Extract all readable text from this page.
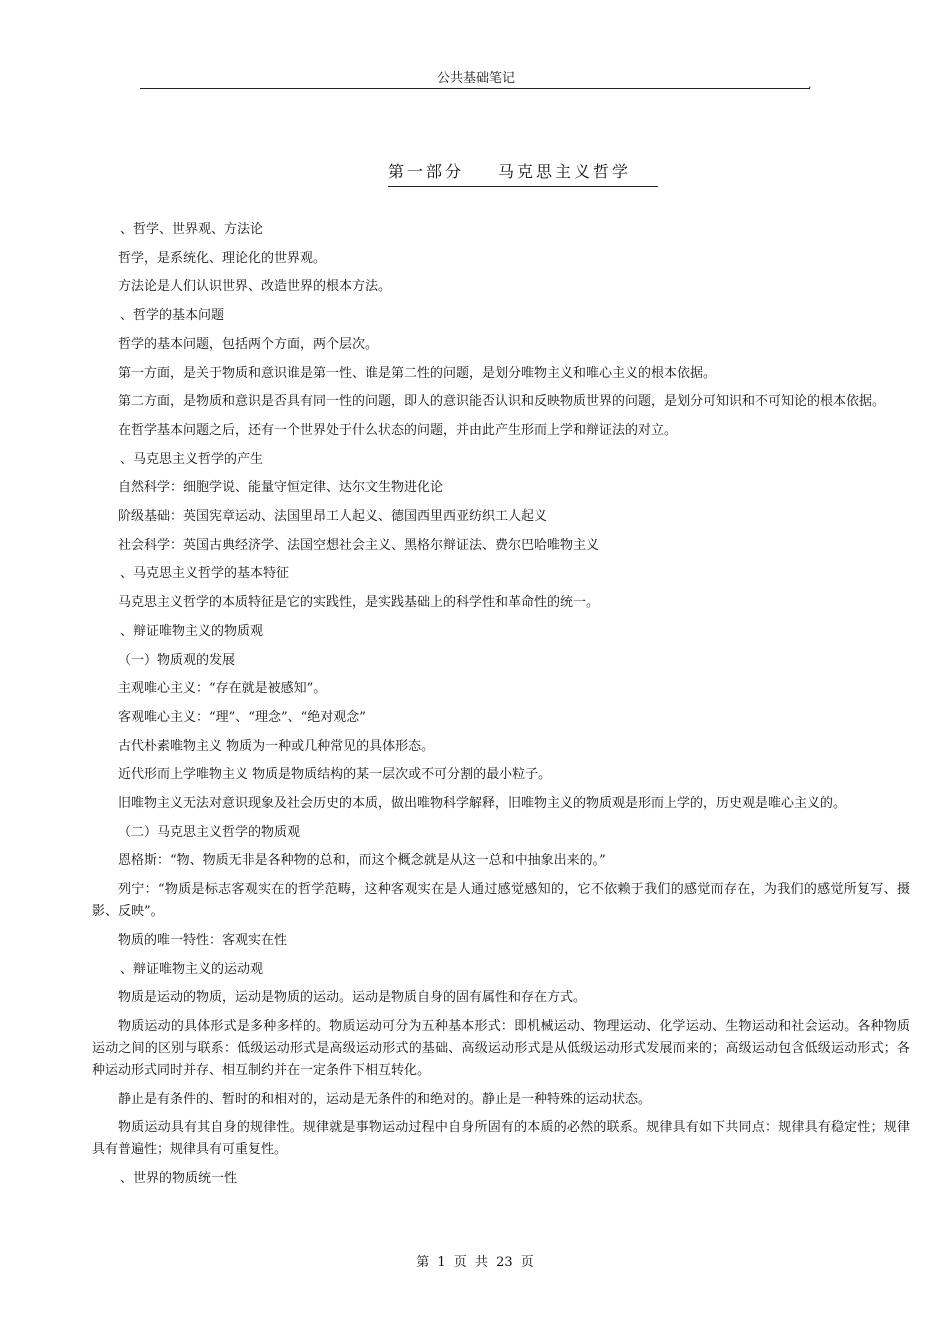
公共基础笔记	.
第一部分 马克思主义哲学

、哲学、世界观、方法论

哲学，是系统化、理论化的世界观。

方法论是人们认识世界、改造世界的根本方法。

、哲学的基本问题

哲学的基本问题，包括两个方面，两个层次。

第一方面，是关于物质和意识谁是第一性、谁是第二性的问题，是划分唯物主义和唯心主义的根本依据。

第二方面，是物质和意识是否具有同一性的问题，即人的意识能否认识和反映物质世界的问题，是划分可知识和不可知论的根本依据。

在哲学基本问题之后，还有一个世界处于什么状态的问题，并由此产生形而上学和辩证法的对立。

、马克思主义哲学的产生

自然科学：细胞学说、能量守恒定律、达尔文生物进化论

阶级基础：英国宪章运动、法国里昂工人起义、德国西里西亚纺织工人起义

社会科学：英国古典经济学、法国空想社会主义、黑格尔辩证法、费尔巴哈唯物主义

、马克思主义哲学的基本特征

马克思主义哲学的本质特征是它的实践性，是实践基础上的科学性和革命性的统一。

、辩证唯物主义的物质观

（一）物质观的发展

主观唯心主义：“存在就是被感知”。

客观唯心主义：“理”、“理念”、“绝对观念”

古代朴素唯物主义 物质为一种或几种常见的具体形态。

近代形而上学唯物主义 物质是物质结构的某一层次或不可分割的最小粒子。

旧唯物主义无法对意识现象及社会历史的本质，做出唯物科学解释，旧唯物主义的物质观是形而上学的，历史观是唯心主义的。

（二）马克思主义哲学的物质观

恩格斯：“物、物质无非是各种物的总和，而这个概念就是从这一总和中抽象出来的。”

列宁：“物质是标志客观实在的哲学范畴，这种客观实在是人通过感觉感知的，它不依赖于我们的感觉而存在，为我们的感觉所复写、摄影、反映”。

物质的唯一特性：客观实在性

、辩证唯物主义的运动观

物质是运动的物质，运动是物质的运动。运动是物质自身的固有属性和存在方式。

物质运动的具体形式是多种多样的。物质运动可分为五种基本形式：即机械运动、物理运动、化学运动、生物运动和社会运动。各种物质运动之间的区别与联系：低级运动形式是高级运动形式的基础、高级运动形式是从低级运动形式发展而来的；高级运动包含低级运动形式；各种运动形式同时并存、相互制约并在一定条件下相互转化。

静止是有条件的、暂时的和相对的，运动是无条件的和绝对的。静止是一种特殊的运动状态。

物质运动具有其自身的规律性。规律就是事物运动过程中自身所固有的本质的必然的联系。规律具有如下共同点：规律具有稳定性；规律具有普遍性；规律具有可重复性。

、世界的物质统一性

第 1 页 共 23 页
